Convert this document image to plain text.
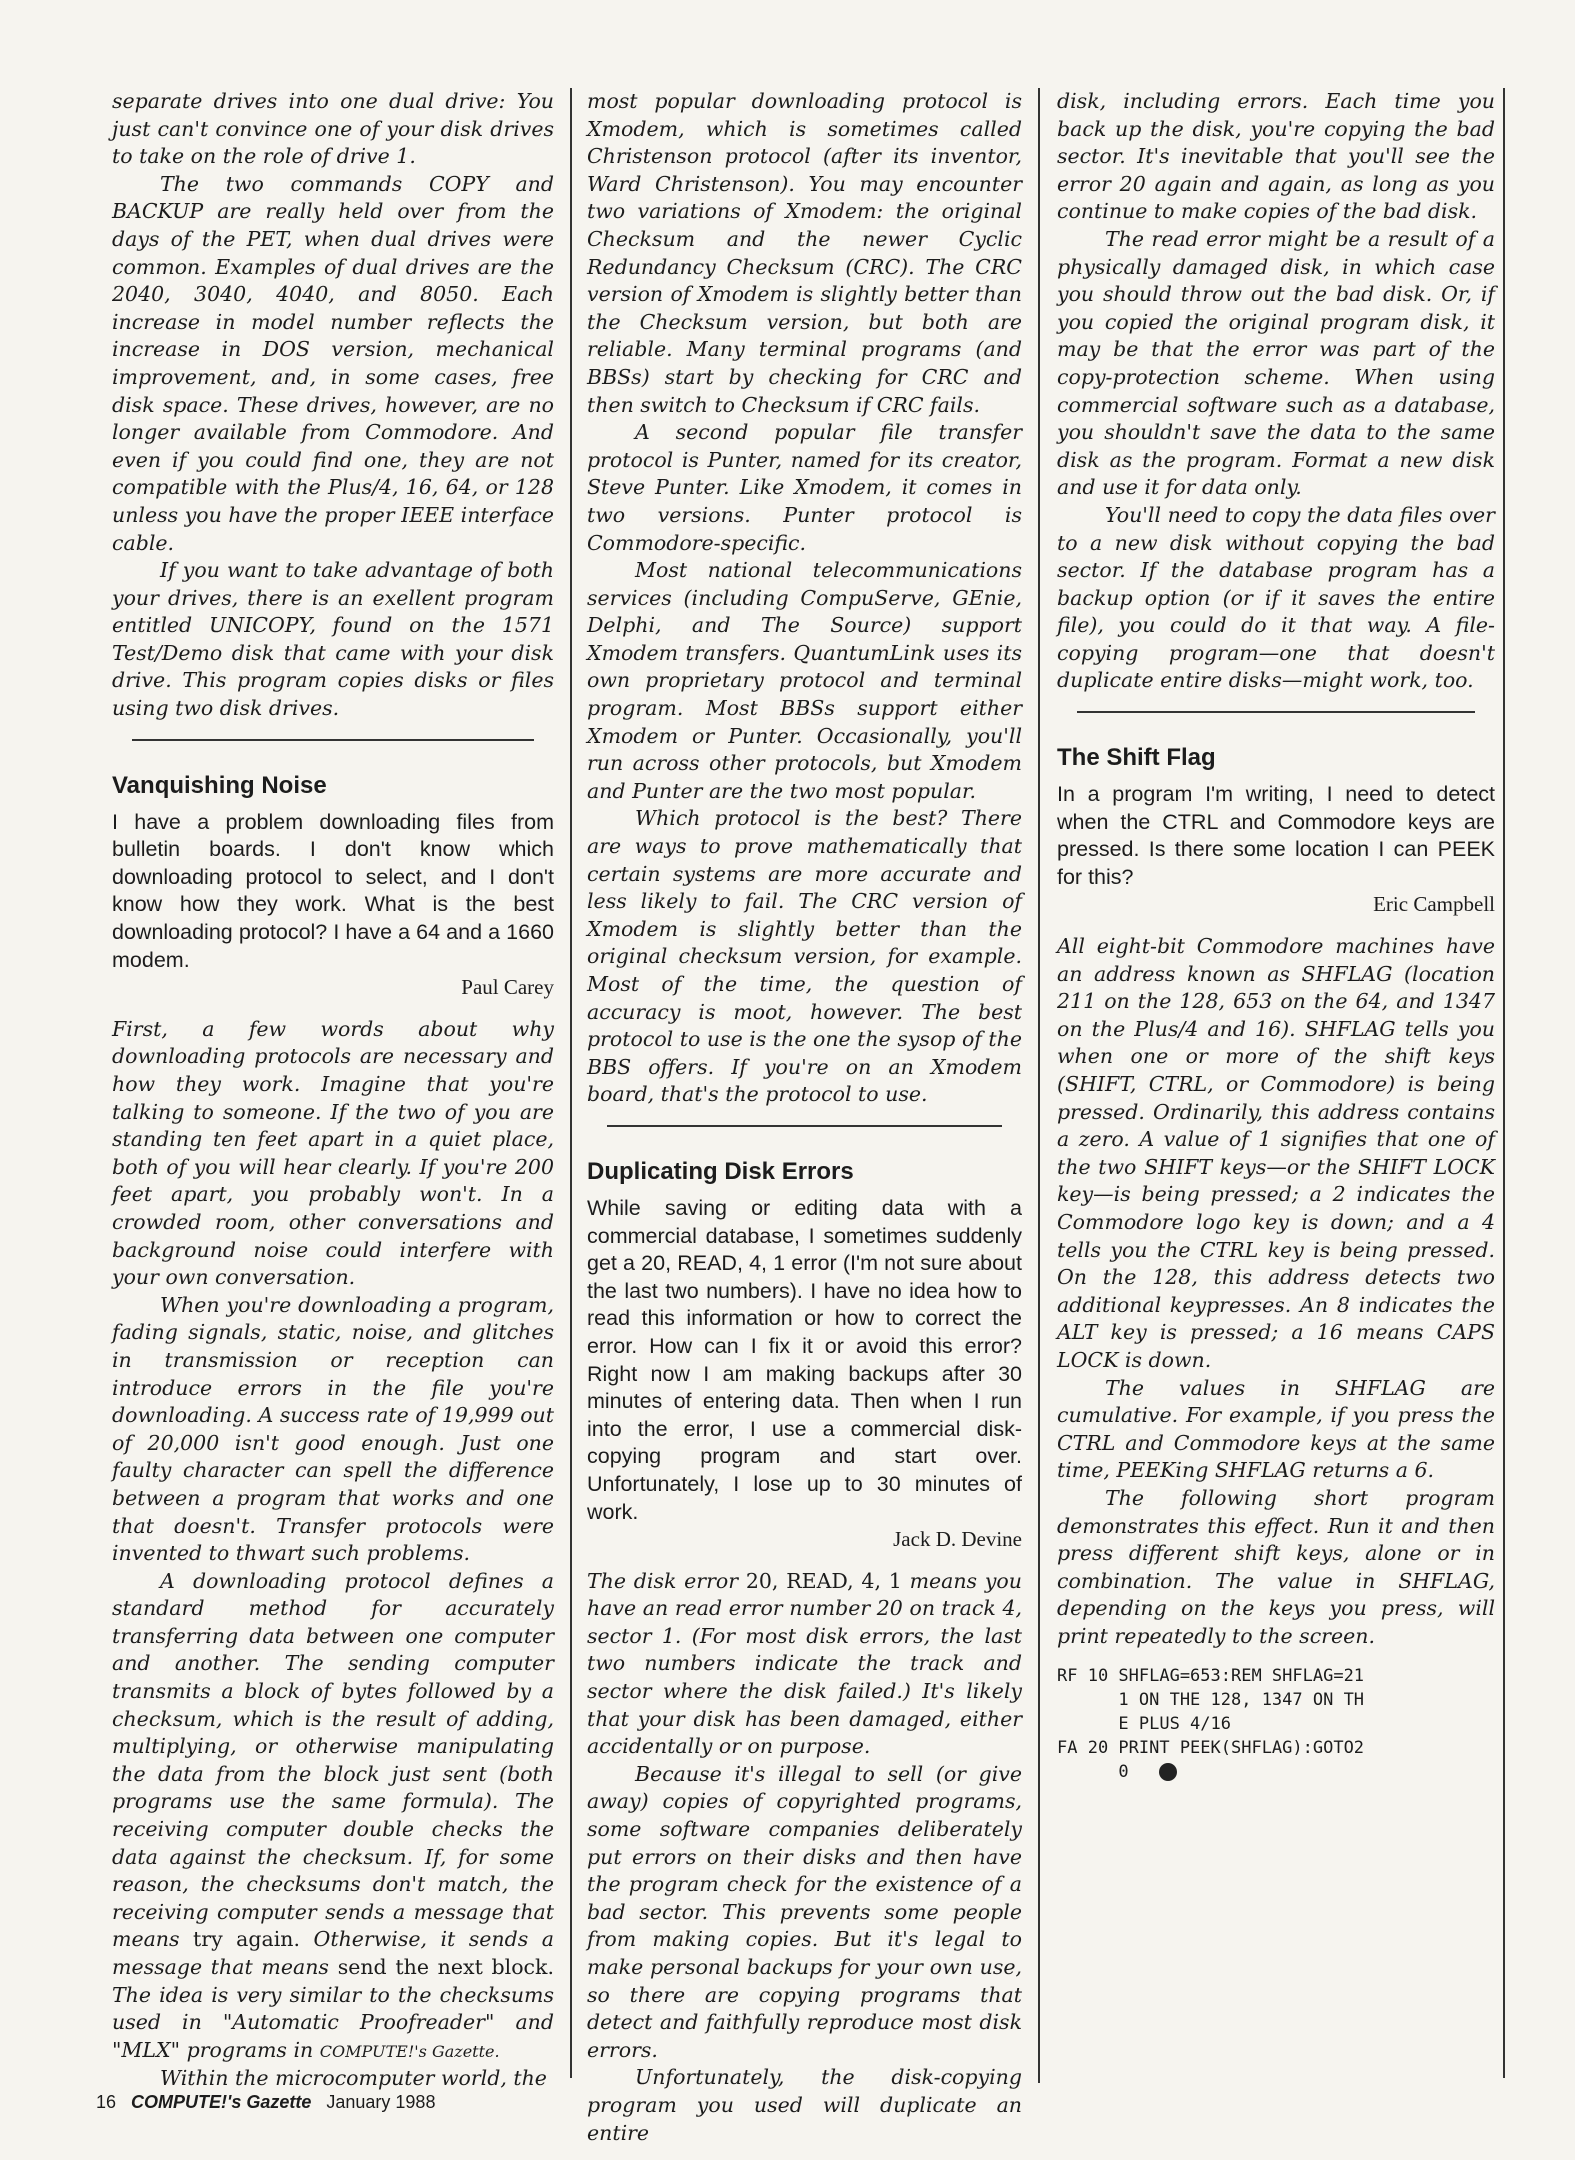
separate drives into one dual drive: You just can't convince one of your disk drives to take on the role of drive 1.

The two commands COPY and BACKUP are really held over from the days of the PET, when dual drives were common. Examples of dual drives are the 2040, 3040, 4040, and 8050. Each increase in model number reflects the increase in DOS version, mechanical improvement, and, in some cases, free disk space. These drives, however, are no longer available from Commodore. And even if you could find one, they are not compatible with the Plus/4, 16, 64, or 128 unless you have the proper IEEE interface cable.

If you want to take advantage of both your drives, there is an exellent program entitled UNICOPY, found on the 1571 Test/Demo disk that came with your disk drive. This program copies disks or files using two disk drives.

Vanquishing Noise

I have a problem downloading files from bulletin boards. I don't know which downloading protocol to select, and I don't know how they work. What is the best downloading protocol? I have a 64 and a 1660 modem.

Paul Carey

First, a few words about why downloading protocols are necessary and how they work. Imagine that you're talking to someone. If the two of you are standing ten feet apart in a quiet place, both of you will hear clearly. If you're 200 feet apart, you probably won't. In a crowded room, other conversations and background noise could interfere with your own conversation.

When you're downloading a program, fading signals, static, noise, and glitches in transmission or reception can introduce errors in the file you're downloading. A success rate of 19,999 out of 20,000 isn't good enough. Just one faulty character can spell the difference between a program that works and one that doesn't. Transfer protocols were invented to thwart such problems.

A downloading protocol defines a standard method for accurately transferring data between one computer and another. The sending computer transmits a block of bytes followed by a checksum, which is the result of adding, multiplying, or otherwise manipulating the data from the block just sent (both programs use the same formula). The receiving computer double checks the data against the checksum. If, for some reason, the checksums don't match, the receiving computer sends a message that means try again. Otherwise, it sends a message that means send the next block. The idea is very similar to the checksums used in "Automatic Proofreader" and "MLX" programs in COMPUTE!'s Gazette.

Within the microcomputer world, the

most popular downloading protocol is Xmodem, which is sometimes called Christenson protocol (after its inventor, Ward Christenson). You may encounter two variations of Xmodem: the original Checksum and the newer Cyclic Redundancy Checksum (CRC). The CRC version of Xmodem is slightly better than the Checksum version, but both are reliable. Many terminal programs (and BBSs) start by checking for CRC and then switch to Checksum if CRC fails.

A second popular file transfer protocol is Punter, named for its creator, Steve Punter. Like Xmodem, it comes in two versions. Punter protocol is Commodore-specific.

Most national telecommunications services (including CompuServe, GEnie, Delphi, and The Source) support Xmodem transfers. QuantumLink uses its own proprietary protocol and terminal program. Most BBSs support either Xmodem or Punter. Occasionally, you'll run across other protocols, but Xmodem and Punter are the two most popular.

Which protocol is the best? There are ways to prove mathematically that certain systems are more accurate and less likely to fail. The CRC version of Xmodem is slightly better than the original checksum version, for example. Most of the time, the question of accuracy is moot, however. The best protocol to use is the one the sysop of the BBS offers. If you're on an Xmodem board, that's the protocol to use.

Duplicating Disk Errors

While saving or editing data with a commercial database, I sometimes suddenly get a 20, READ, 4, 1 error (I'm not sure about the last two numbers). I have no idea how to read this information or how to correct the error. How can I fix it or avoid this error? Right now I am making backups after 30 minutes of entering data. Then when I run into the error, I use a commercial disk-copying program and start over. Unfortunately, I lose up to 30 minutes of work.

Jack D. Devine

The disk error 20, READ, 4, 1 means you have an read error number 20 on track 4, sector 1. (For most disk errors, the last two numbers indicate the track and sector where the disk failed.) It's likely that your disk has been damaged, either accidentally or on purpose.

Because it's illegal to sell (or give away) copies of copyrighted programs, some software companies deliberately put errors on their disks and then have the program check for the existence of a bad sector. This prevents some people from making copies. But it's legal to make personal backups for your own use, so there are copying programs that detect and faithfully reproduce most disk errors.

Unfortunately, the disk-copying program you used will duplicate an entire

disk, including errors. Each time you back up the disk, you're copying the bad sector. It's inevitable that you'll see the error 20 again and again, as long as you continue to make copies of the bad disk.

The read error might be a result of a physically damaged disk, in which case you should throw out the bad disk. Or, if you copied the original program disk, it may be that the error was part of the copy-protection scheme. When using commercial software such as a database, you shouldn't save the data to the same disk as the program. Format a new disk and use it for data only.

You'll need to copy the data files over to a new disk without copying the bad sector. If the database program has a backup option (or if it saves the entire file), you could do it that way. A file-copying program—one that doesn't duplicate entire disks—might work, too.

The Shift Flag

In a program I'm writing, I need to detect when the CTRL and Commodore keys are pressed. Is there some location I can PEEK for this?

Eric Campbell

All eight-bit Commodore machines have an address known as SHFLAG (location 211 on the 128, 653 on the 64, and 1347 on the Plus/4 and 16). SHFLAG tells you when one or more of the shift keys (SHIFT, CTRL, or Commodore) is being pressed. Ordinarily, this address contains a zero. A value of 1 signifies that one of the two SHIFT keys—or the SHIFT LOCK key—is being pressed; a 2 indicates the Commodore logo key is down; and a 4 tells you the CTRL key is being pressed. On the 128, this address detects two additional keypresses. An 8 indicates the ALT key is pressed; a 16 means CAPS LOCK is down.

The values in SHFLAG are cumulative. For example, if you press the CTRL and Commodore keys at the same time, PEEKing SHFLAG returns a 6.

The following short program demonstrates this effect. Run it and then press different shift keys, alone or in combination. The value in SHFLAG, depending on the keys you press, will print repeatedly to the screen.

RF 10 SHFLAG=653:REM SHFLAG=21
1 ON THE 128, 1347 ON TH
E PLUS 4/16
FA 20 PRINT PEEK(SHFLAG):GOTO2
0
16 COMPUTE!'s Gazette January 1988
